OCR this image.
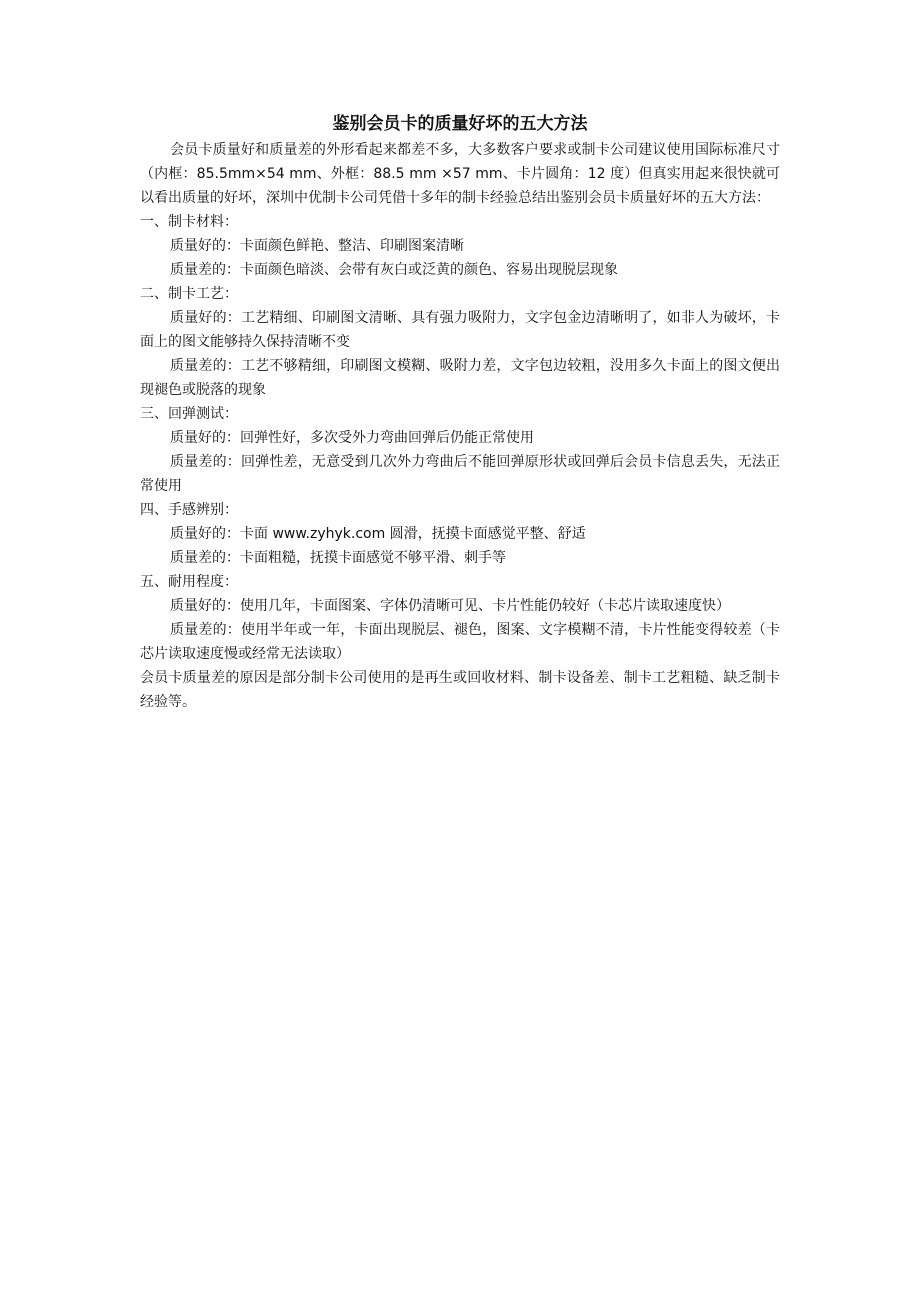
鉴别会员卡的质量好坏的五大方法

会员卡质量好和质量差的外形看起来都差不多，大多数客户要求或制卡公司建议使用国际标准尺寸（内框：85.5mm×54 mm、外框：88.5 mm ×57 mm、卡片圆角：12 度）但真实用起来很快就可以看出质量的好坏，深圳中优制卡公司凭借十多年的制卡经验总结出鉴别会员卡质量好坏的五大方法：

一、制卡材料：

质量好的：卡面颜色鲜艳、整洁、印刷图案清晰

质量差的：卡面颜色暗淡、会带有灰白或泛黄的颜色、容易出现脱层现象

二、制卡工艺：

质量好的：工艺精细、印刷图文清晰、具有强力吸附力，文字包金边清晰明了，如非人为破坏，卡面上的图文能够持久保持清晰不变

质量差的：工艺不够精细，印刷图文模糊、吸附力差，文字包边较粗，没用多久卡面上的图文便出现褪色或脱落的现象

三、回弹测试：

质量好的：回弹性好，多次受外力弯曲回弹后仍能正常使用

质量差的：回弹性差，无意受到几次外力弯曲后不能回弹原形状或回弹后会员卡信息丢失，无法正常使用

四、手感辨别：

质量好的：卡面 www.zyhyk.com 圆滑，抚摸卡面感觉平整、舒适

质量差的：卡面粗糙，抚摸卡面感觉不够平滑、刺手等

五、耐用程度：

质量好的：使用几年，卡面图案、字体仍清晰可见、卡片性能仍较好（卡芯片读取速度快）

质量差的：使用半年或一年，卡面出现脱层、褪色，图案、文字模糊不清，卡片性能变得较差（卡芯片读取速度慢或经常无法读取）

会员卡质量差的原因是部分制卡公司使用的是再生或回收材料、制卡设备差、制卡工艺粗糙、缺乏制卡经验等。
